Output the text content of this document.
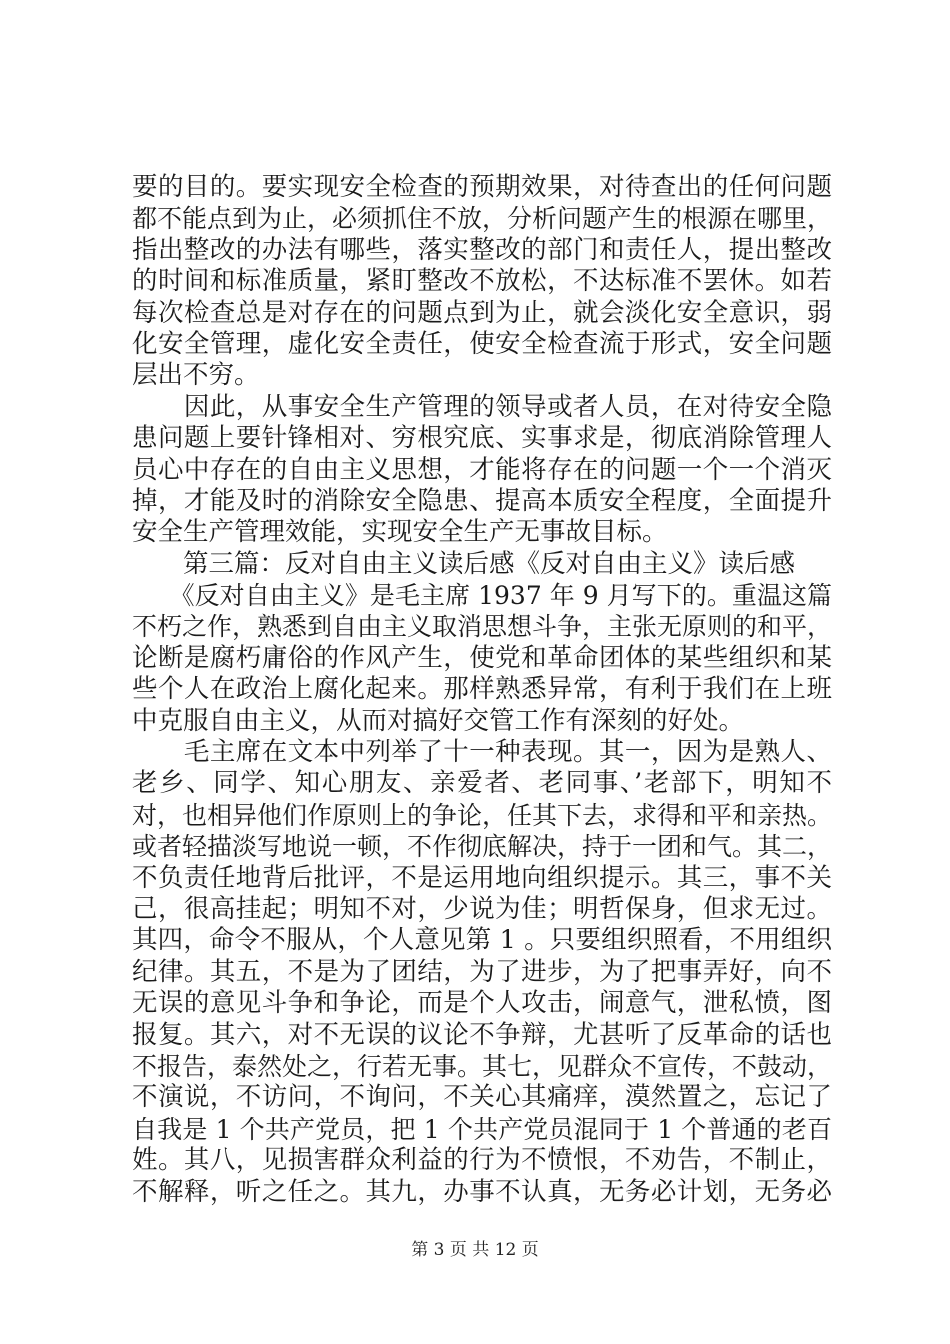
要的目的。要实现安全检查的预期效果，对待查出的任何问题
都不能点到为止，必须抓住不放，分析问题产生的根源在哪里，
指出整改的办法有哪些，落实整改的部门和责任人，提出整改
的时间和标准质量，紧盯整改不放松，不达标准不罢休。如若
每次检查总是对存在的问题点到为止，就会淡化安全意识，弱
化安全管理，虚化安全责任，使安全检查流于形式，安全问题
层出不穷。
　　因此，从事安全生产管理的领导或者人员，在对待安全隐
患问题上要针锋相对、穷根究底、实事求是，彻底消除管理人
员心中存在的自由主义思想，才能将存在的问题一个一个消灭
掉，才能及时的消除安全隐患、提高本质安全程度，全面提升
安全生产管理效能，实现安全生产无事故目标。
　　第三篇：反对自由主义读后感《反对自由主义》读后感
　　《反对自由主义》是毛主席 1937 年 9 月写下的。重温这篇
不朽之作，熟悉到自由主义取消思想斗争，主张无原则的和平，
论断是腐朽庸俗的作风产生，使党和革命团体的某些组织和某
些个人在政治上腐化起来。那样熟悉异常，有利于我们在上班
中克服自由主义，从而对搞好交管工作有深刻的好处。
　　毛主席在文本中列举了十一种表现。其一，因为是熟人、
老乡、同学、知心朋友、亲爱者、老同事、’老部下，明知不
对，也相异他们作原则上的争论，任其下去，求得和平和亲热。
或者轻描淡写地说一顿，不作彻底解决，持于一团和气。其二，
不负责任地背后批评，不是运用地向组织提示。其三，事不关
己，很高挂起；明知不对，少说为佳；明哲保身，但求无过。
其四，命令不服从，个人意见第 1 。只要组织照看，不用组织
纪律。其五，不是为了团结，为了进步，为了把事弄好，向不
无误的意见斗争和争论，而是个人攻击，闹意气，泄私愤，图
报复。其六，对不无误的议论不争辩，尤甚听了反革命的话也
不报告，泰然处之，行若无事。其七，见群众不宣传，不鼓动，
不演说，不访问，不询问，不关心其痛痒，漠然置之，忘记了
自我是 1 个共产党员，把 1 个共产党员混同于 1 个普通的老百
姓。其八，见损害群众利益的行为不愤恨，不劝告，不制止，
不解释，听之任之。其九，办事不认真，无务必计划，无务必
第 3 页 共 12 页
